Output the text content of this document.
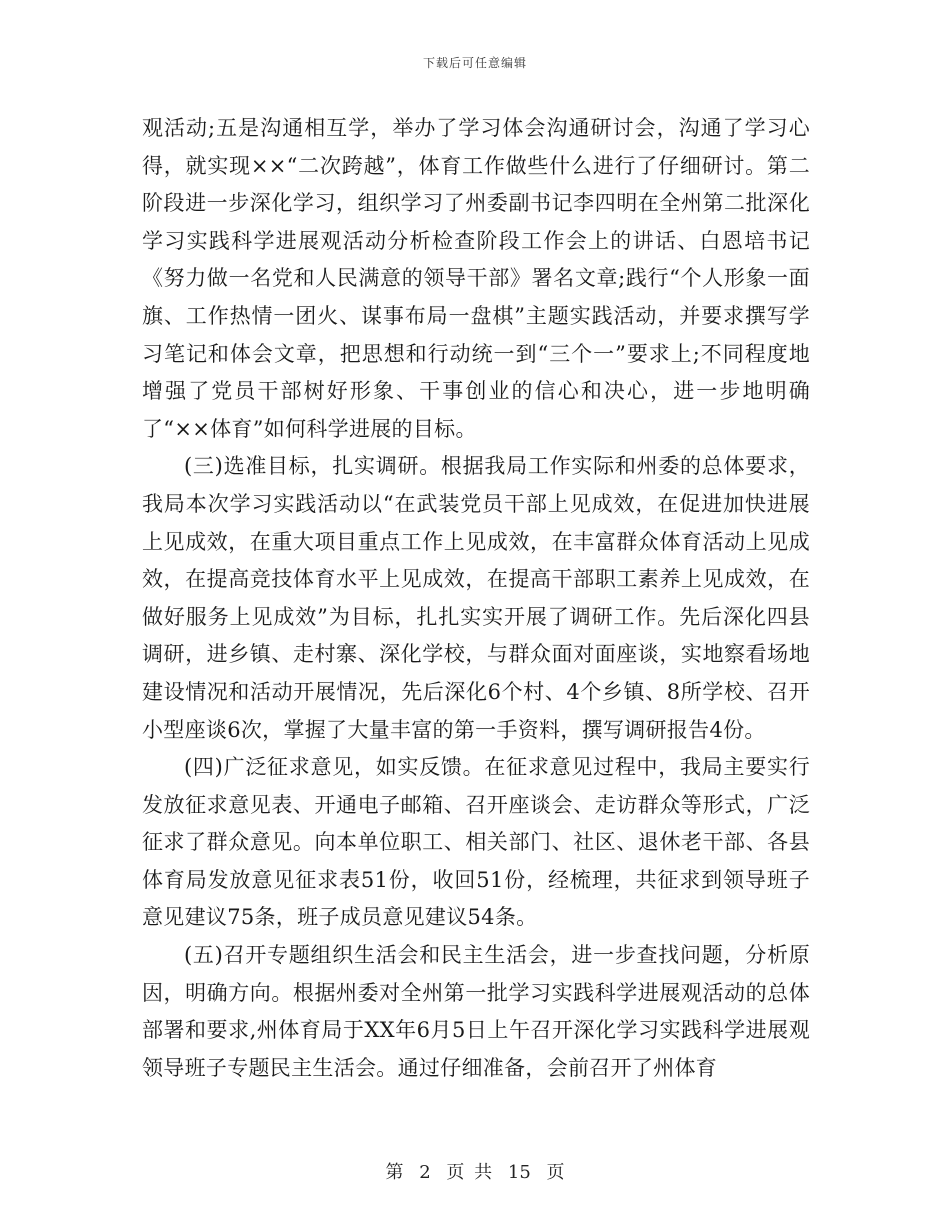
下载后可任意编辑

观活动;五是沟通相互学，举办了学习体会沟通研讨会，沟通了学习心得，就实现××“二次跨越”，体育工作做些什么进行了仔细研讨。第二阶段进一步深化学习，组织学习了州委副书记李四明在全州第二批深化学习实践科学进展观活动分析检查阶段工作会上的讲话、白恩培书记《努力做一名党和人民满意的领导干部》署名文章;践行“个人形象一面旗、工作热情一团火、谋事布局一盘棋”主题实践活动，并要求撰写学习笔记和体会文章，把思想和行动统一到“三个一”要求上;不同程度地增强了党员干部树好形象、干事创业的信心和决心，进一步地明确了“××体育”如何科学进展的目标。

(三)选准目标，扎实调研。根据我局工作实际和州委的总体要求，我局本次学习实践活动以“在武装党员干部上见成效，在促进加快进展上见成效，在重大项目重点工作上见成效，在丰富群众体育活动上见成效，在提高竞技体育水平上见成效，在提高干部职工素养上见成效，在做好服务上见成效”为目标，扎扎实实开展了调研工作。先后深化四县调研，进乡镇、走村寨、深化学校，与群众面对面座谈，实地察看场地建设情况和活动开展情况，先后深化6个村、4个乡镇、8所学校、召开小型座谈6次，掌握了大量丰富的第一手资料，撰写调研报告4份。

(四)广泛征求意见，如实反馈。在征求意见过程中，我局主要实行发放征求意见表、开通电子邮箱、召开座谈会、走访群众等形式，广泛征求了群众意见。向本单位职工、相关部门、社区、退休老干部、各县体育局发放意见征求表51份，收回51份，经梳理，共征求到领导班子意见建议75条，班子成员意见建议54条。

(五)召开专题组织生活会和民主生活会，进一步查找问题，分析原因，明确方向。根据州委对全州第一批学习实践科学进展观活动的总体部署和要求,州体育局于XX年6月5日上午召开深化学习实践科学进展观领导班子专题民主生活会。通过仔细准备，会前召开了州体育

第 2 页 共 15 页
